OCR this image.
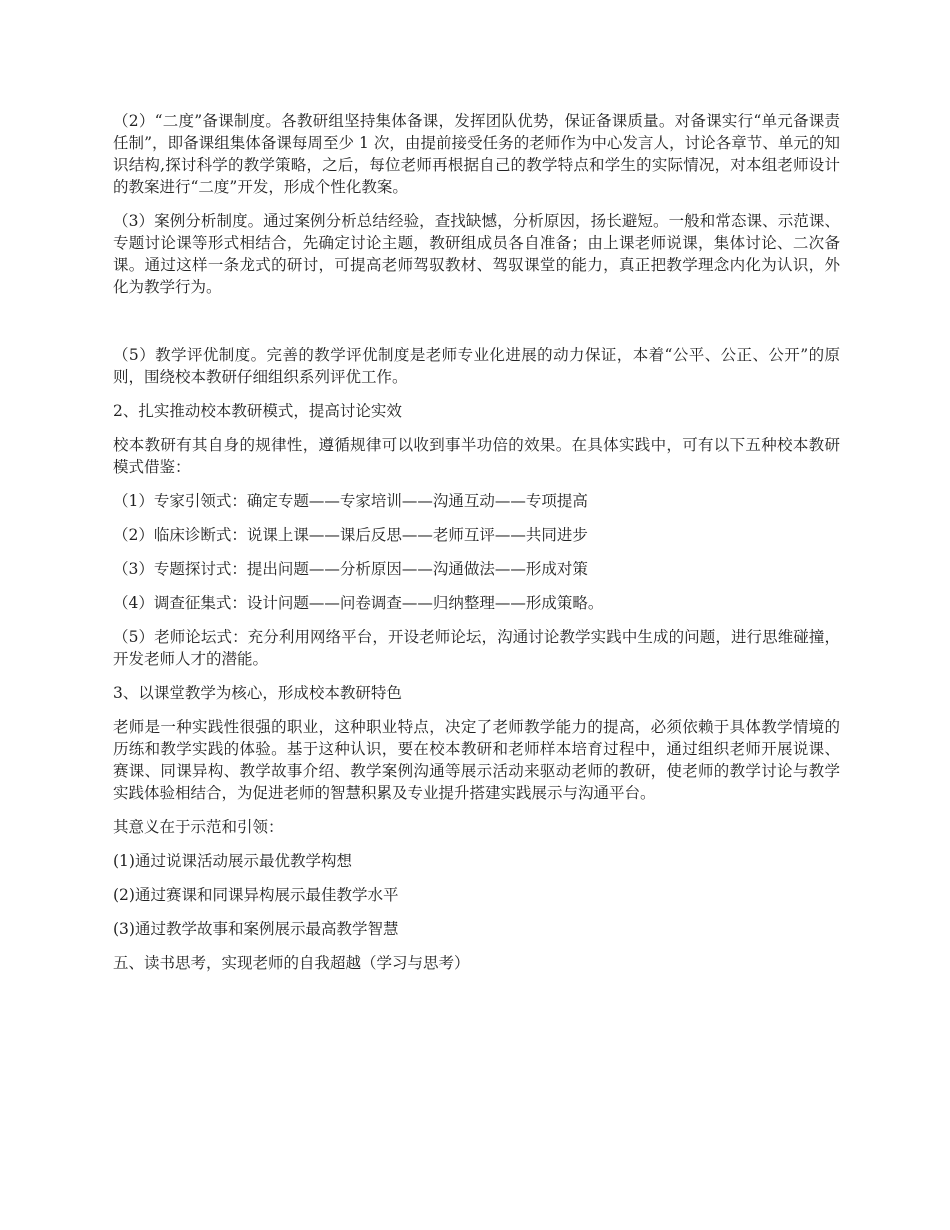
（2）“二度”备课制度。各教研组坚持集体备课，发挥团队优势，保证备课质量。对备课实行“单元备课责任制”，即备课组集体备课每周至少 1 次，由提前接受任务的老师作为中心发言人，讨论各章节、单元的知识结构,探讨科学的教学策略，之后，每位老师再根据自己的教学特点和学生的实际情况，对本组老师设计的教案进行“二度”开发，形成个性化教案。

（3）案例分析制度。通过案例分析总结经验，查找缺憾，分析原因，扬长避短。一般和常态课、示范课、专题讨论课等形式相结合，先确定讨论主题，教研组成员各自准备；由上课老师说课，集体讨论、二次备课。通过这样一条龙式的研讨，可提高老师驾驭教材、驾驭课堂的能力，真正把教学理念内化为认识，外化为教学行为。

（5）教学评优制度。完善的教学评优制度是老师专业化进展的动力保证，本着“公平、公正、公开”的原则，围绕校本教研仔细组织系列评优工作。

2、扎实推动校本教研模式，提高讨论实效

校本教研有其自身的规律性，遵循规律可以收到事半功倍的效果。在具体实践中，可有以下五种校本教研模式借鉴：

（1）专家引领式：确定专题——专家培训——沟通互动——专项提高

（2）临床诊断式：说课上课——课后反思——老师互评——共同进步

（3）专题探讨式：提出问题——分析原因——沟通做法——形成对策

（4）调查征集式：设计问题——问卷调查——归纳整理——形成策略。

（5）老师论坛式：充分利用网络平台，开设老师论坛，沟通讨论教学实践中生成的问题，进行思维碰撞，开发老师人才的潜能。

3、以课堂教学为核心，形成校本教研特色

老师是一种实践性很强的职业，这种职业特点，决定了老师教学能力的提高，必须依赖于具体教学情境的历练和教学实践的体验。基于这种认识，要在校本教研和老师样本培育过程中，通过组织老师开展说课、赛课、同课异构、教学故事介绍、教学案例沟通等展示活动来驱动老师的教研，使老师的教学讨论与教学实践体验相结合，为促进老师的智慧积累及专业提升搭建实践展示与沟通平台。

其意义在于示范和引领：

(1)通过说课活动展示最优教学构想

(2)通过赛课和同课异构展示最佳教学水平

(3)通过教学故事和案例展示最高教学智慧

五、读书思考，实现老师的自我超越（学习与思考）
